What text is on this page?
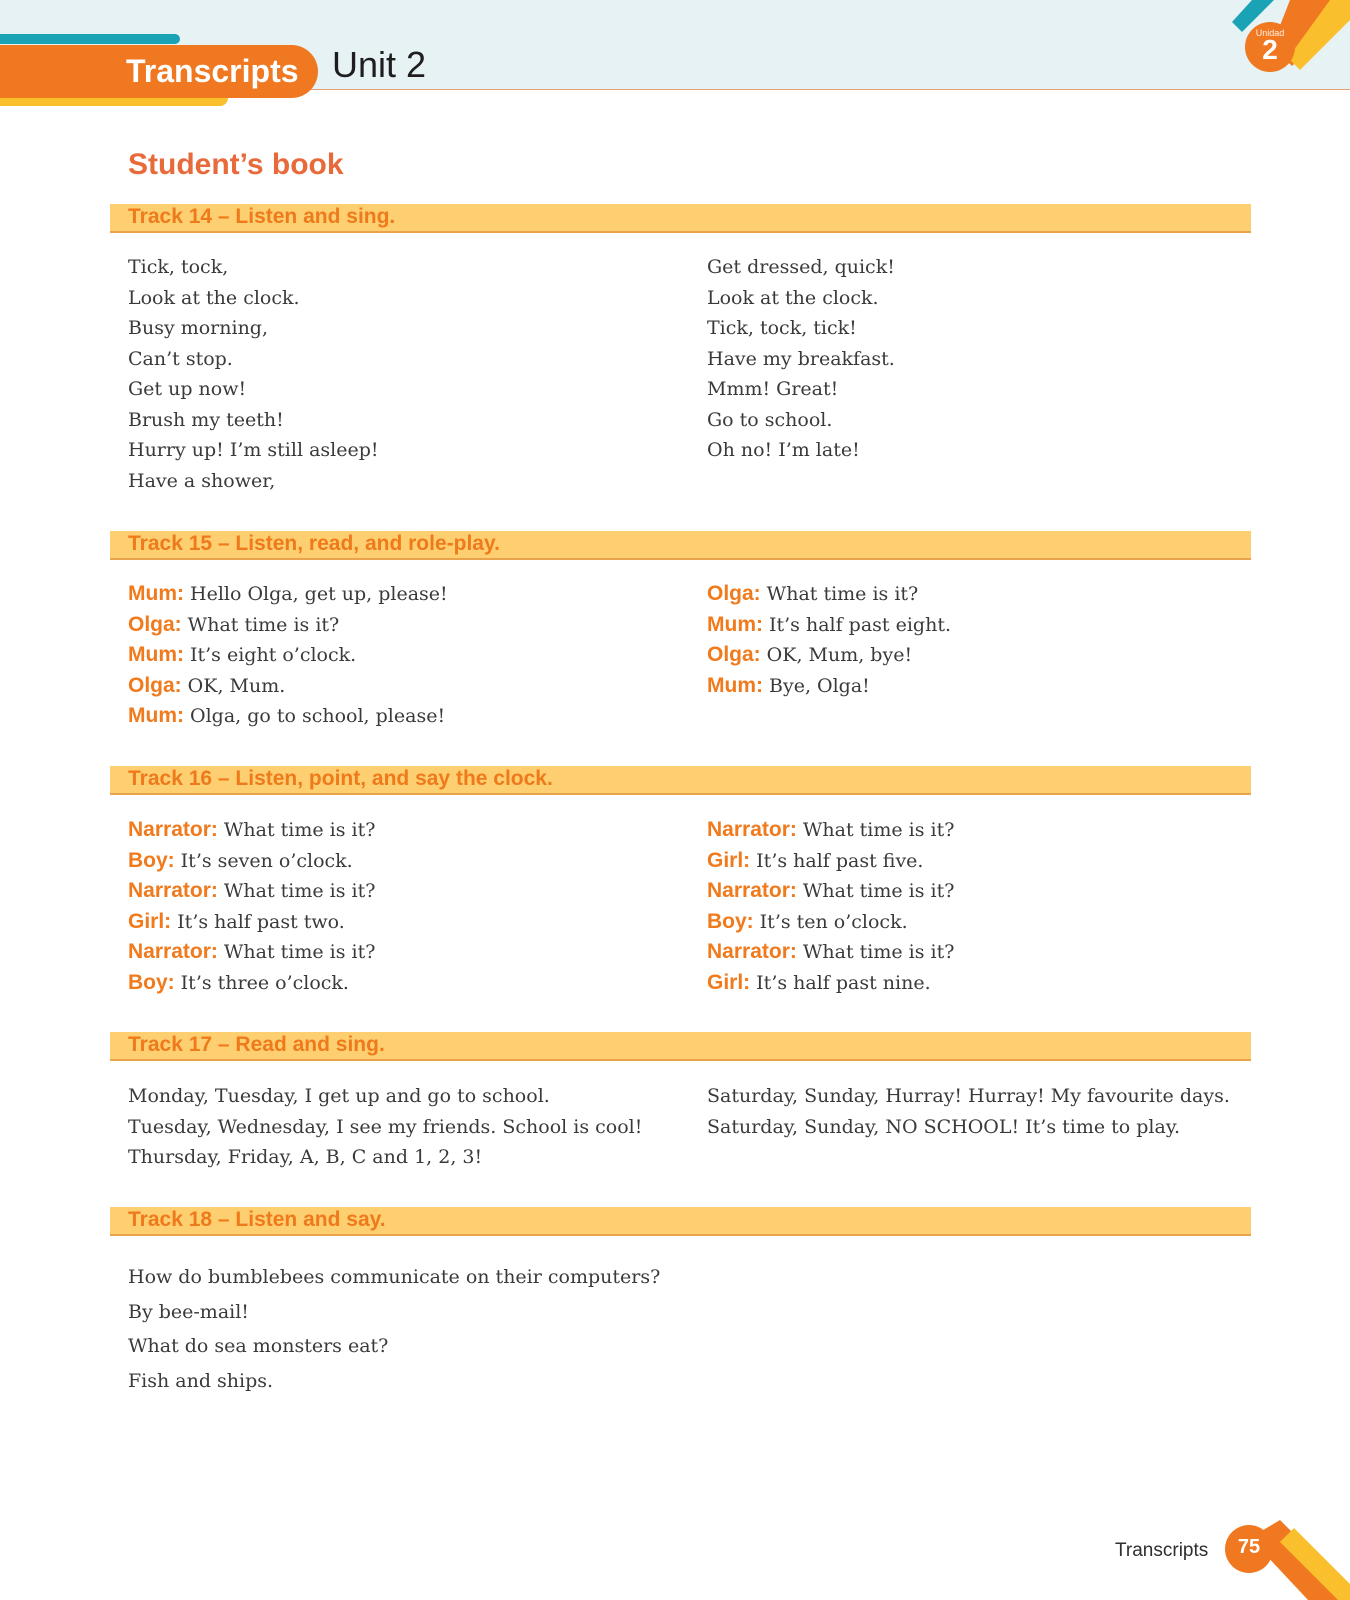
Transcripts Unit 2
Unidad
2
Student’s book
Track 14 – Listen and sing.
Tick, tock,
Look at the clock.
Busy morning,
Can’t stop.
Get up now!
Brush my teeth!
Hurry up! I’m still asleep!
Have a shower,
Get dressed, quick!
Look at the clock.
Tick, tock, tick!
Have my breakfast.
Mmm! Great!
Go to school.
Oh no! I’m late!
Track 15 – Listen, read, and role-play.
Mum: Hello Olga, get up, please!
Olga: What time is it?
Mum: It’s eight o’clock.
Olga: OK, Mum.
Mum: Olga, go to school, please!
Olga: What time is it?
Mum: It’s half past eight.
Olga: OK, Mum, bye!
Mum: Bye, Olga!
Track 16 – Listen, point, and say the clock.
Narrator: What time is it?
Boy: It’s seven o’clock.
Narrator: What time is it?
Girl: It’s half past two.
Narrator: What time is it?
Boy: It’s three o’clock.
Narrator: What time is it?
Girl: It’s half past five.
Narrator: What time is it?
Boy: It’s ten o’clock.
Narrator: What time is it?
Girl: It’s half past nine.
Track 17 – Read and sing.
Monday, Tuesday, I get up and go to school.
Tuesday, Wednesday, I see my friends. School is cool!
Thursday, Friday, A, B, C and 1, 2, 3!
Saturday, Sunday, Hurray! Hurray! My favourite days.
Saturday, Sunday, NO SCHOOL! It’s time to play.
Track 18 – Listen and say.
How do bumblebees communicate on their computers?
By bee-mail!
What do sea monsters eat?
Fish and ships.
Transcripts	75
